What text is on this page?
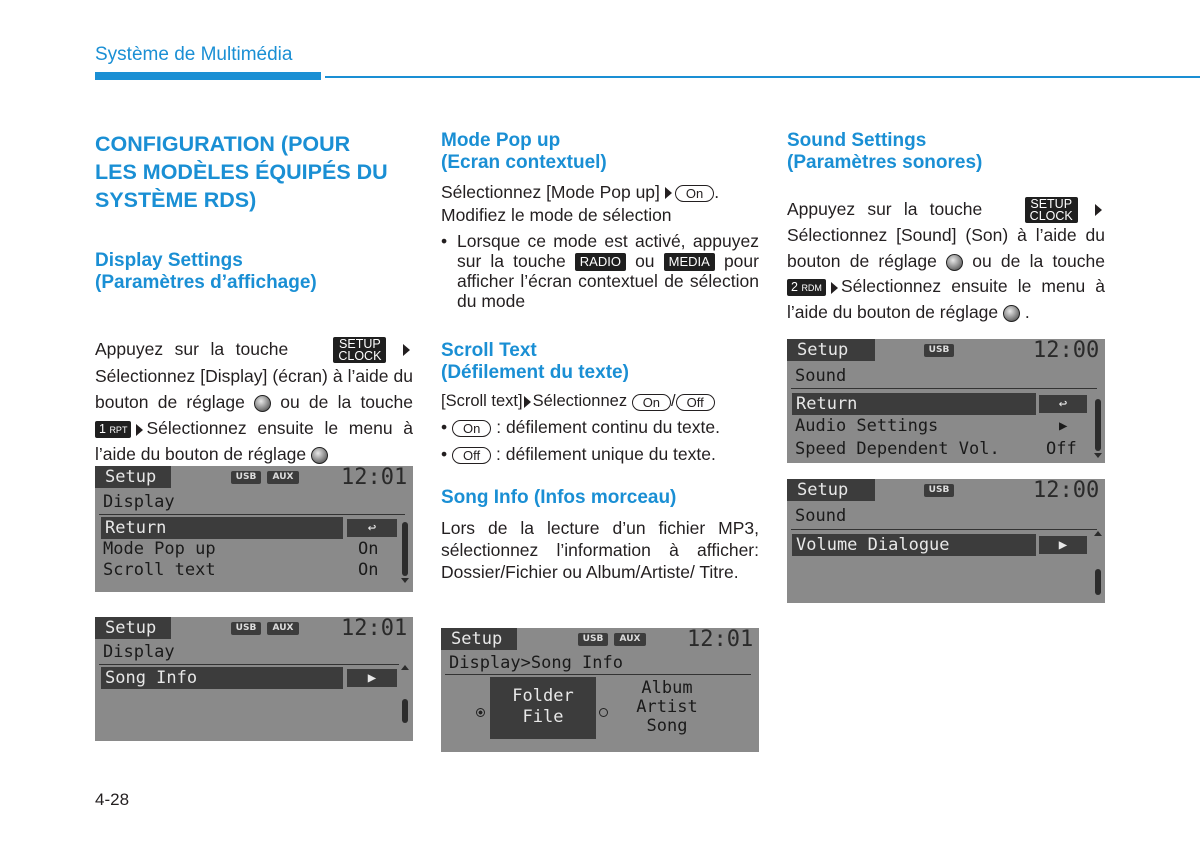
Système de Multimédia
CONFIGURATION (POUR LES MODÈLES ÉQUIPÉS DU SYSTÈME RDS)
Display Settings
(Paramètres d’affichage)
Appuyez sur la touche	SETUP
CLOCK  Sélectionnez [Display] (écran) à l’aide du bouton de réglage ou de la touche 1 RPT Sélectionnez ensuite le menu à l’aide du bouton de réglage
Setup	USB	AUX 12:01
Display
Return	↩
Mode Pop up	On
Scroll text	On
Setup	USB	AUX 12:01
Display
Song Info	▶
Mode Pop up
(Ecran contextuel)
Sélectionnez [Mode Pop up] On .
Modifiez le mode de sélection
• Lorsque ce mode est activé, appuyez sur la touche RADIO ou MEDIA pour afficher l’écran contextuel de sélection du mode
Scroll Text
(Défilement du texte)
[Scroll text] Sélectionnez On / Off
• On : défilement continu du texte.
• Off : défilement unique du texte.
Song Info (Infos morceau)
Lors de la lecture d’un fichier MP3, sélectionnez l’information à afficher: Dossier/Fichier ou Album/Artiste/ Titre.
Setup	USB	AUX 12:01
Display>Song Info
Folder
File
Album
Artist
Song
Sound Settings
(Paramètres sonores)
Appuyez sur la touche	SETUP
CLOCK  Sélectionnez [Sound] (Son) à l’aide du bouton de réglage ou de la touche 2 RDM Sélectionnez ensuite le menu à l’aide du bouton de réglage  .
Setup	USB	12:00
Sound
Return	↩
Audio Settings	▶
Speed Dependent Vol.	Off
Setup	USB	12:00
Sound
Volume Dialogue	▶
4-28
